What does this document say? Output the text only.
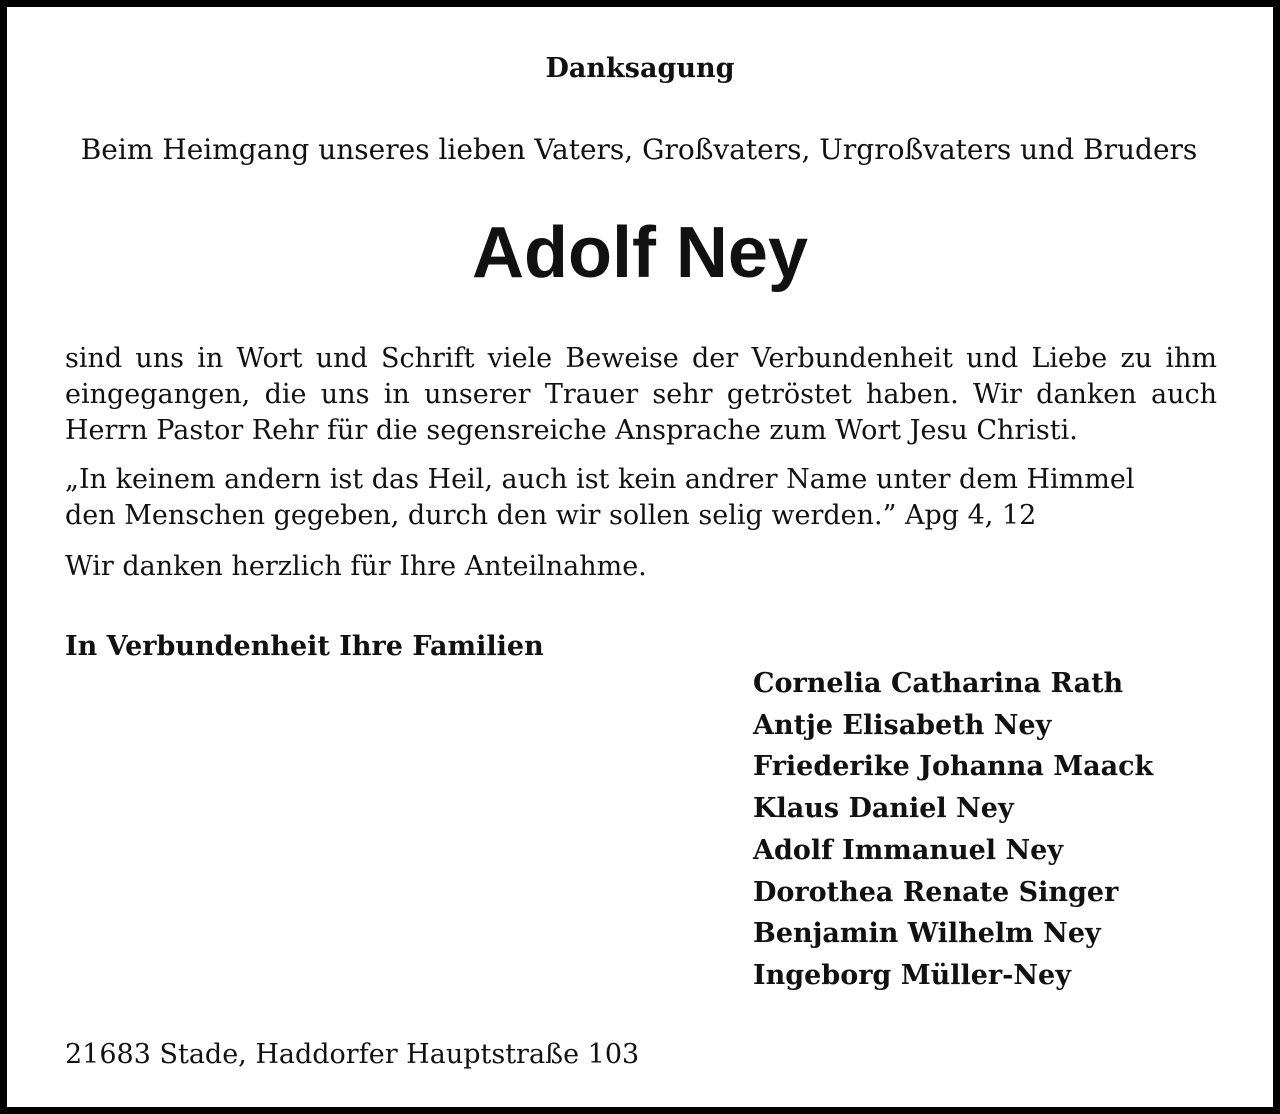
Danksagung
Beim Heimgang unseres lieben Vaters, Großvaters, Urgroßvaters und Bruders
Adolf Ney
sind uns in Wort und Schrift viele Beweise der Verbundenheit und Liebe zu ihm eingegangen, die uns in unserer Trauer sehr getröstet haben. Wir danken auch Herrn Pastor Rehr für die segensreiche Ansprache zum Wort Jesu Christi.
„In keinem andern ist das Heil, auch ist kein andrer Name unter dem Himmel
den Menschen gegeben, durch den wir sollen selig werden.” Apg 4, 12
Wir danken herzlich für Ihre Anteilnahme.
In Verbundenheit Ihre Familien
Cornelia Catharina Rath
Antje Elisabeth Ney
Friederike Johanna Maack
Klaus Daniel Ney
Adolf Immanuel Ney
Dorothea Renate Singer
Benjamin Wilhelm Ney
Ingeborg Müller-Ney
21683 Stade, Haddorfer Hauptstraße 103
